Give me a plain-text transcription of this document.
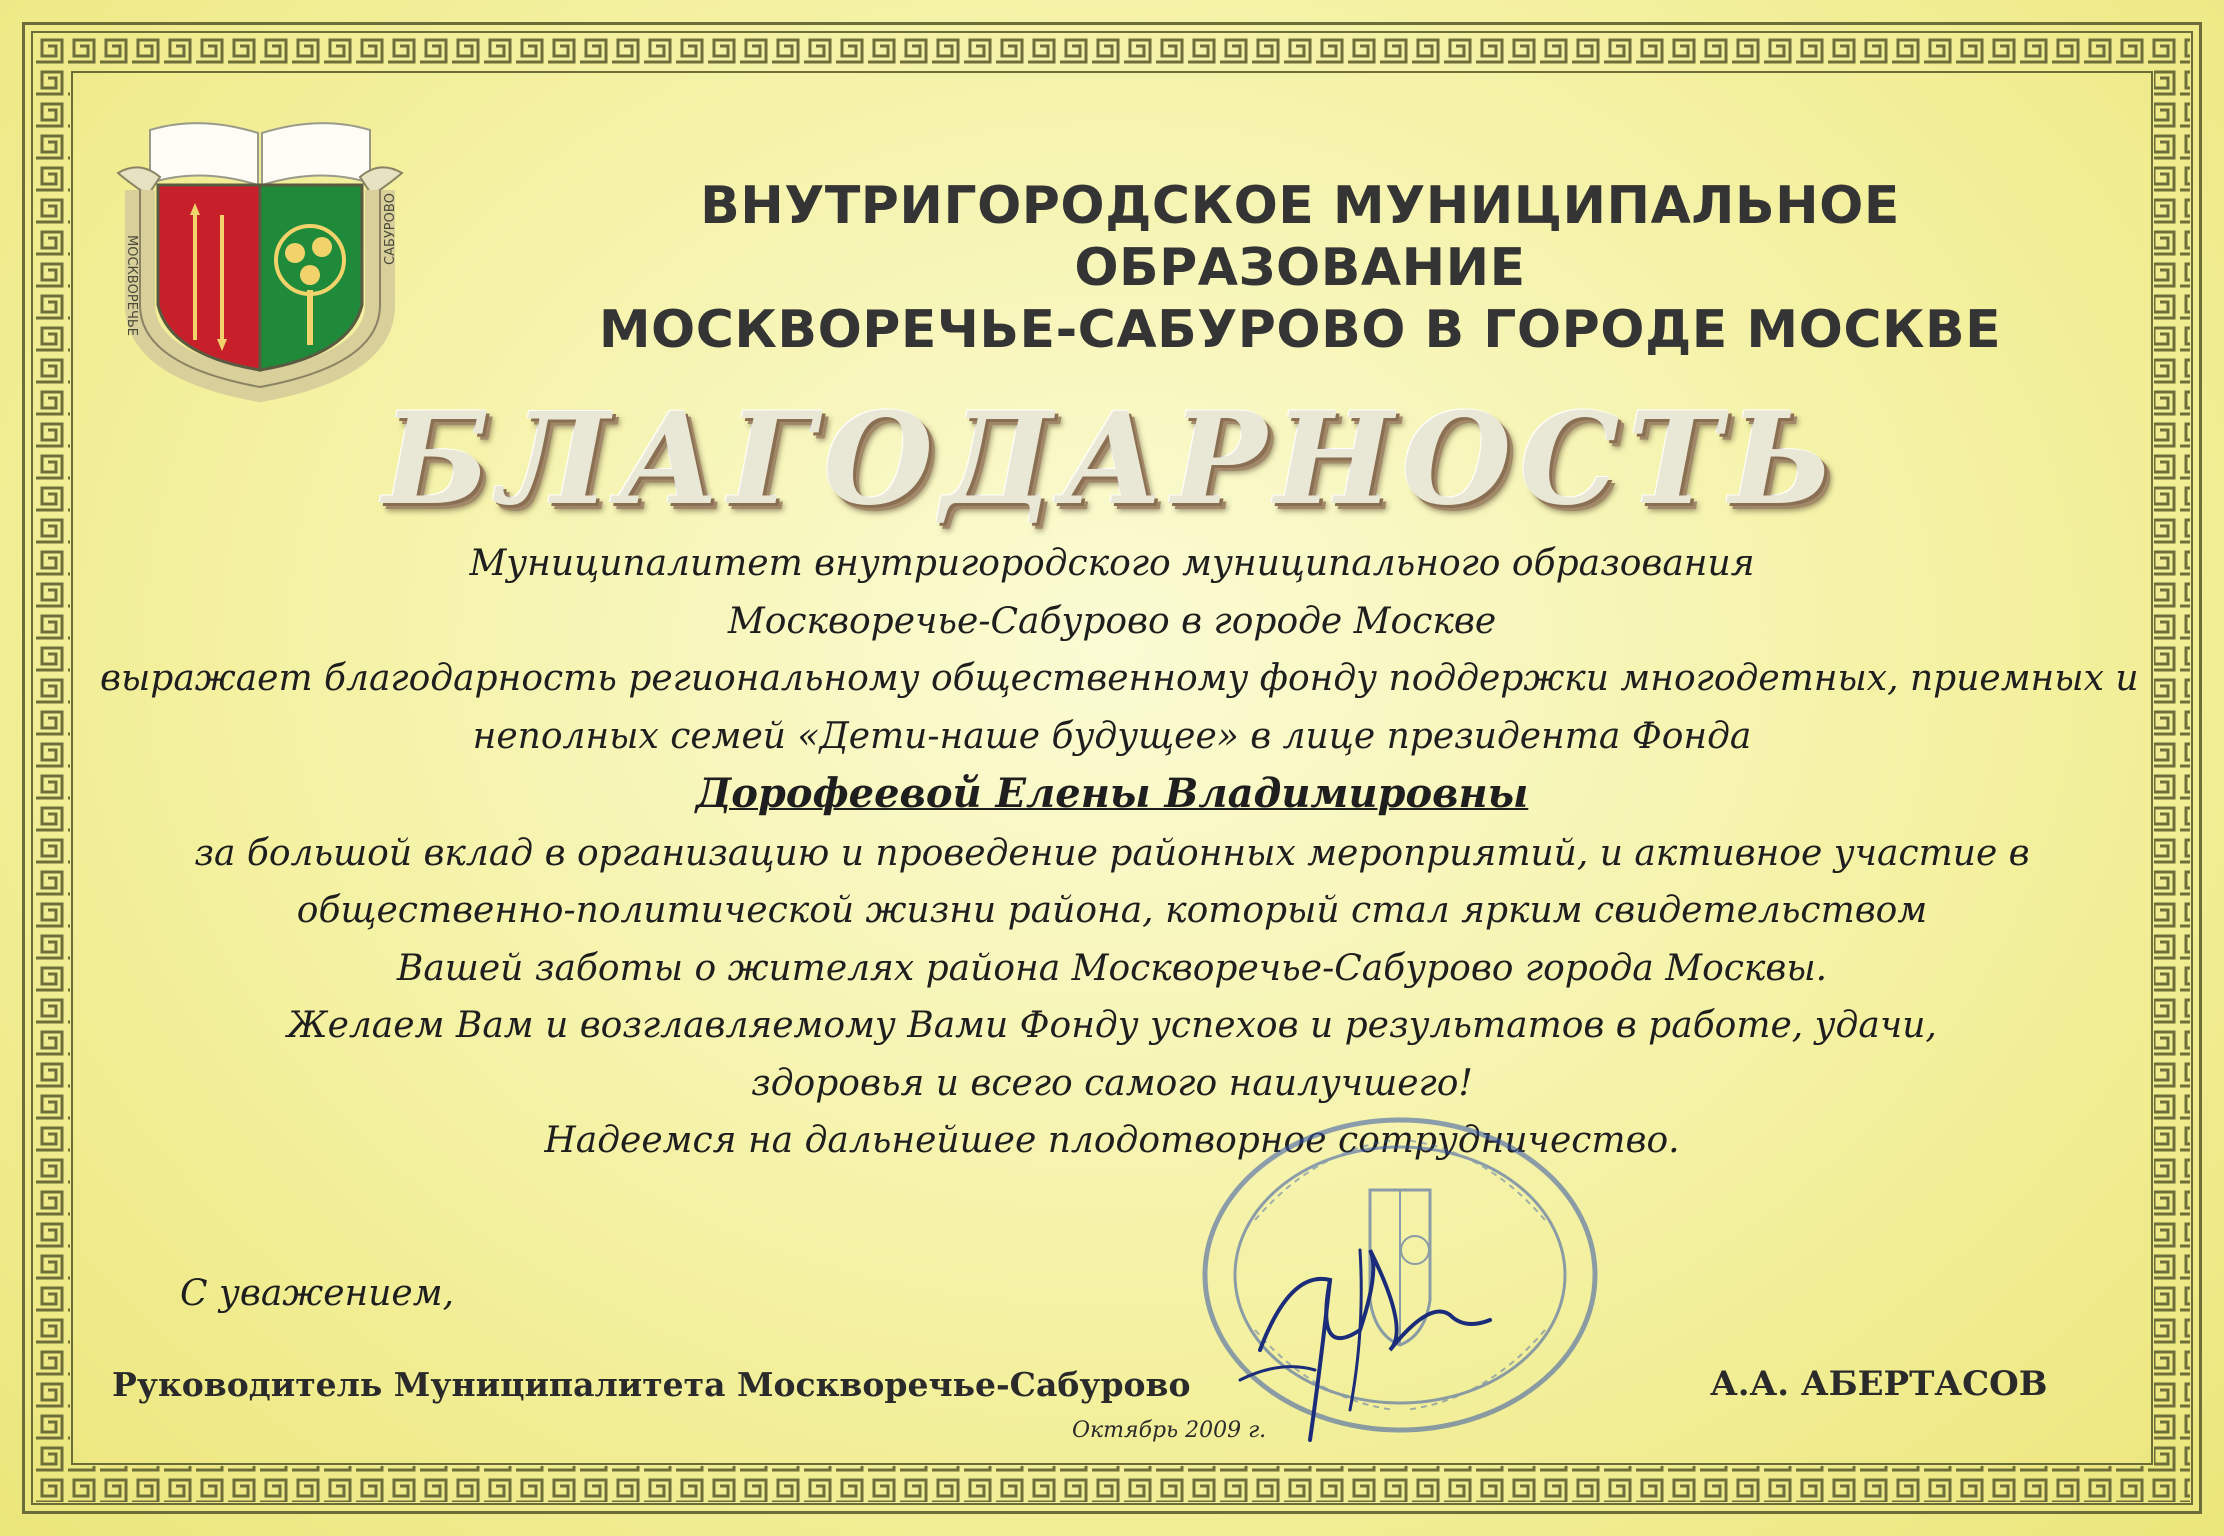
МОСКВОРЕЧЬЕ
САБУРОВО	ВНУТРИГОРОДСКОЕ МУНИЦИПАЛЬНОЕ ОБРАЗОВАНИЕ
МОСКВОРЕЧЬЕ-САБУРОВО В ГОРОДЕ МОСКВЕ
БЛАГОДАРНОСТЬ
Муниципалитет внутригородского муниципального образования
Москворечье-Сабурово в городе Москве
выражает благодарность региональному общественному фонду поддержки многодетных, приемных и
неполных семей «Дети-наше будущее» в лице президента Фонда
Дорофеевой Елены Владимировны
за большой вклад в организацию и проведение районных мероприятий, и активное участие в
общественно-политической жизни района, который стал ярким свидетельством
Вашей заботы о жителях района Москворечье-Сабурово города Москвы.
Желаем Вам и возглавляемому Вами Фонду успехов и результатов в работе, удачи,
здоровья и всего самого наилучшего!
Надеемся на дальнейшее плодотворное сотрудничество.
С уважением,
Руководитель Муниципалитета Москворечье-Сабурово	А.А. АБЕРТАСОВ
Октябрь 2009 г.
